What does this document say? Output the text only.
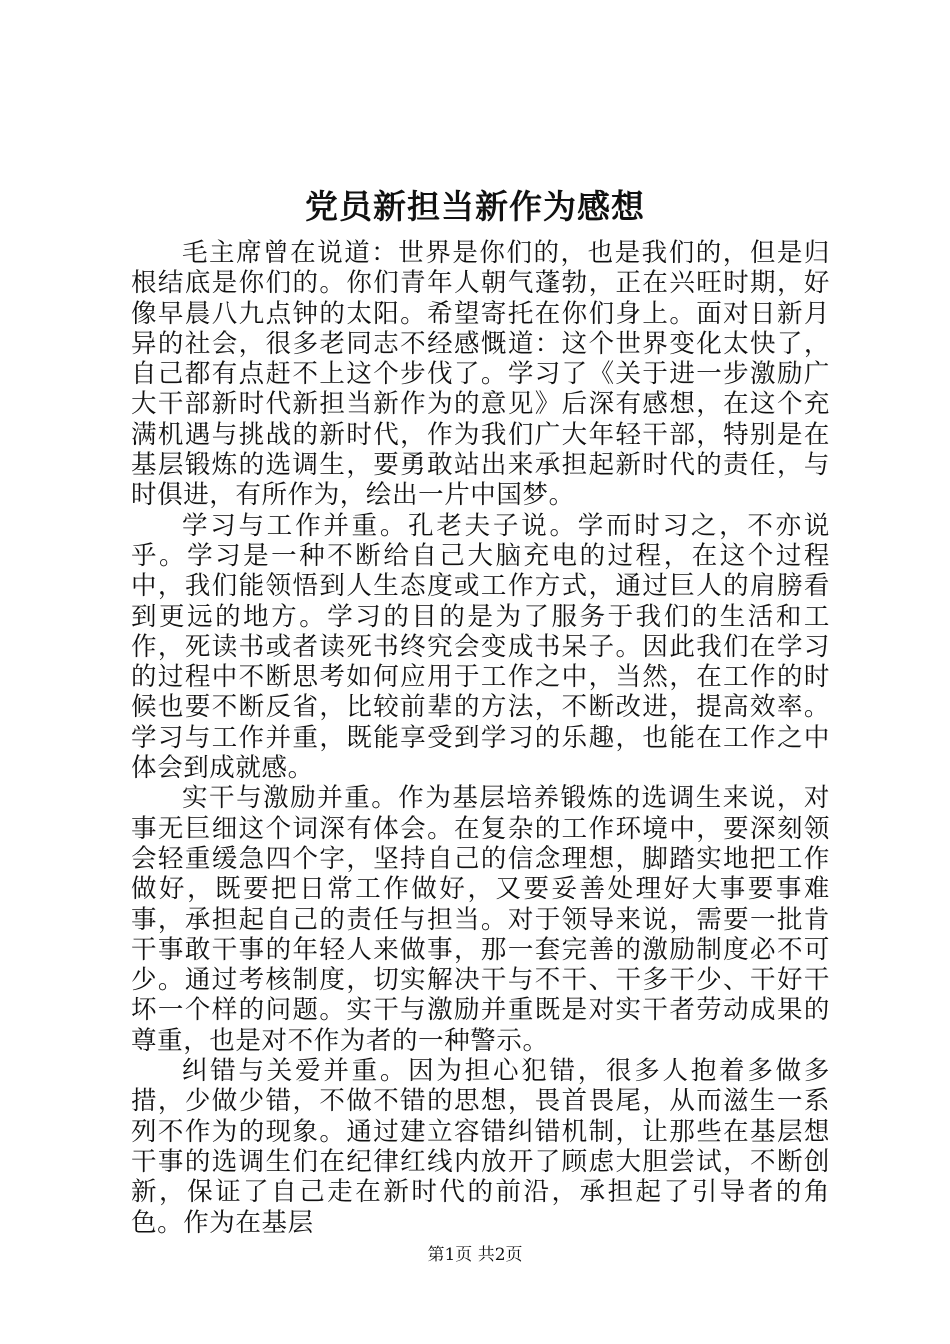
党员新担当新作为感想

毛主席曾在说道：世界是你们的，也是我们的，但是归根结底是你们的。你们青年人朝气蓬勃，正在兴旺时期，好像早晨八九点钟的太阳。希望寄托在你们身上。面对日新月异的社会，很多老同志不经感慨道：这个世界变化太快了，自己都有点赶不上这个步伐了。学习了《关于进一步激励广大干部新时代新担当新作为的意见》后深有感想，在这个充满机遇与挑战的新时代，作为我们广大年轻干部，特别是在基层锻炼的选调生，要勇敢站出来承担起新时代的责任，与时俱进，有所作为，绘出一片中国梦。

学习与工作并重。孔老夫子说。学而时习之，不亦说乎。学习是一种不断给自己大脑充电的过程，在这个过程中，我们能领悟到人生态度或工作方式，通过巨人的肩膀看到更远的地方。学习的目的是为了服务于我们的生活和工作，死读书或者读死书终究会变成书呆子。因此我们在学习的过程中不断思考如何应用于工作之中，当然，在工作的时候也要不断反省，比较前辈的方法，不断改进，提高效率。学习与工作并重，既能享受到学习的乐趣，也能在工作之中体会到成就感。

实干与激励并重。作为基层培养锻炼的选调生来说，对事无巨细这个词深有体会。在复杂的工作环境中，要深刻领会轻重缓急四个字，坚持自己的信念理想，脚踏实地把工作做好，既要把日常工作做好，又要妥善处理好大事要事难事，承担起自己的责任与担当。对于领导来说，需要一批肯干事敢干事的年轻人来做事，那一套完善的激励制度必不可少。通过考核制度，切实解决干与不干、干多干少、干好干坏一个样的问题。实干与激励并重既是对实干者劳动成果的尊重，也是对不作为者的一种警示。

纠错与关爱并重。因为担心犯错，很多人抱着多做多措，少做少错，不做不错的思想，畏首畏尾，从而滋生一系列不作为的现象。通过建立容错纠错机制，让那些在基层想干事的选调生们在纪律红线内放开了顾虑大胆尝试，不断创新，保证了自己走在新时代的前沿，承担起了引导者的角色。作为在基层

第1页 共2页
